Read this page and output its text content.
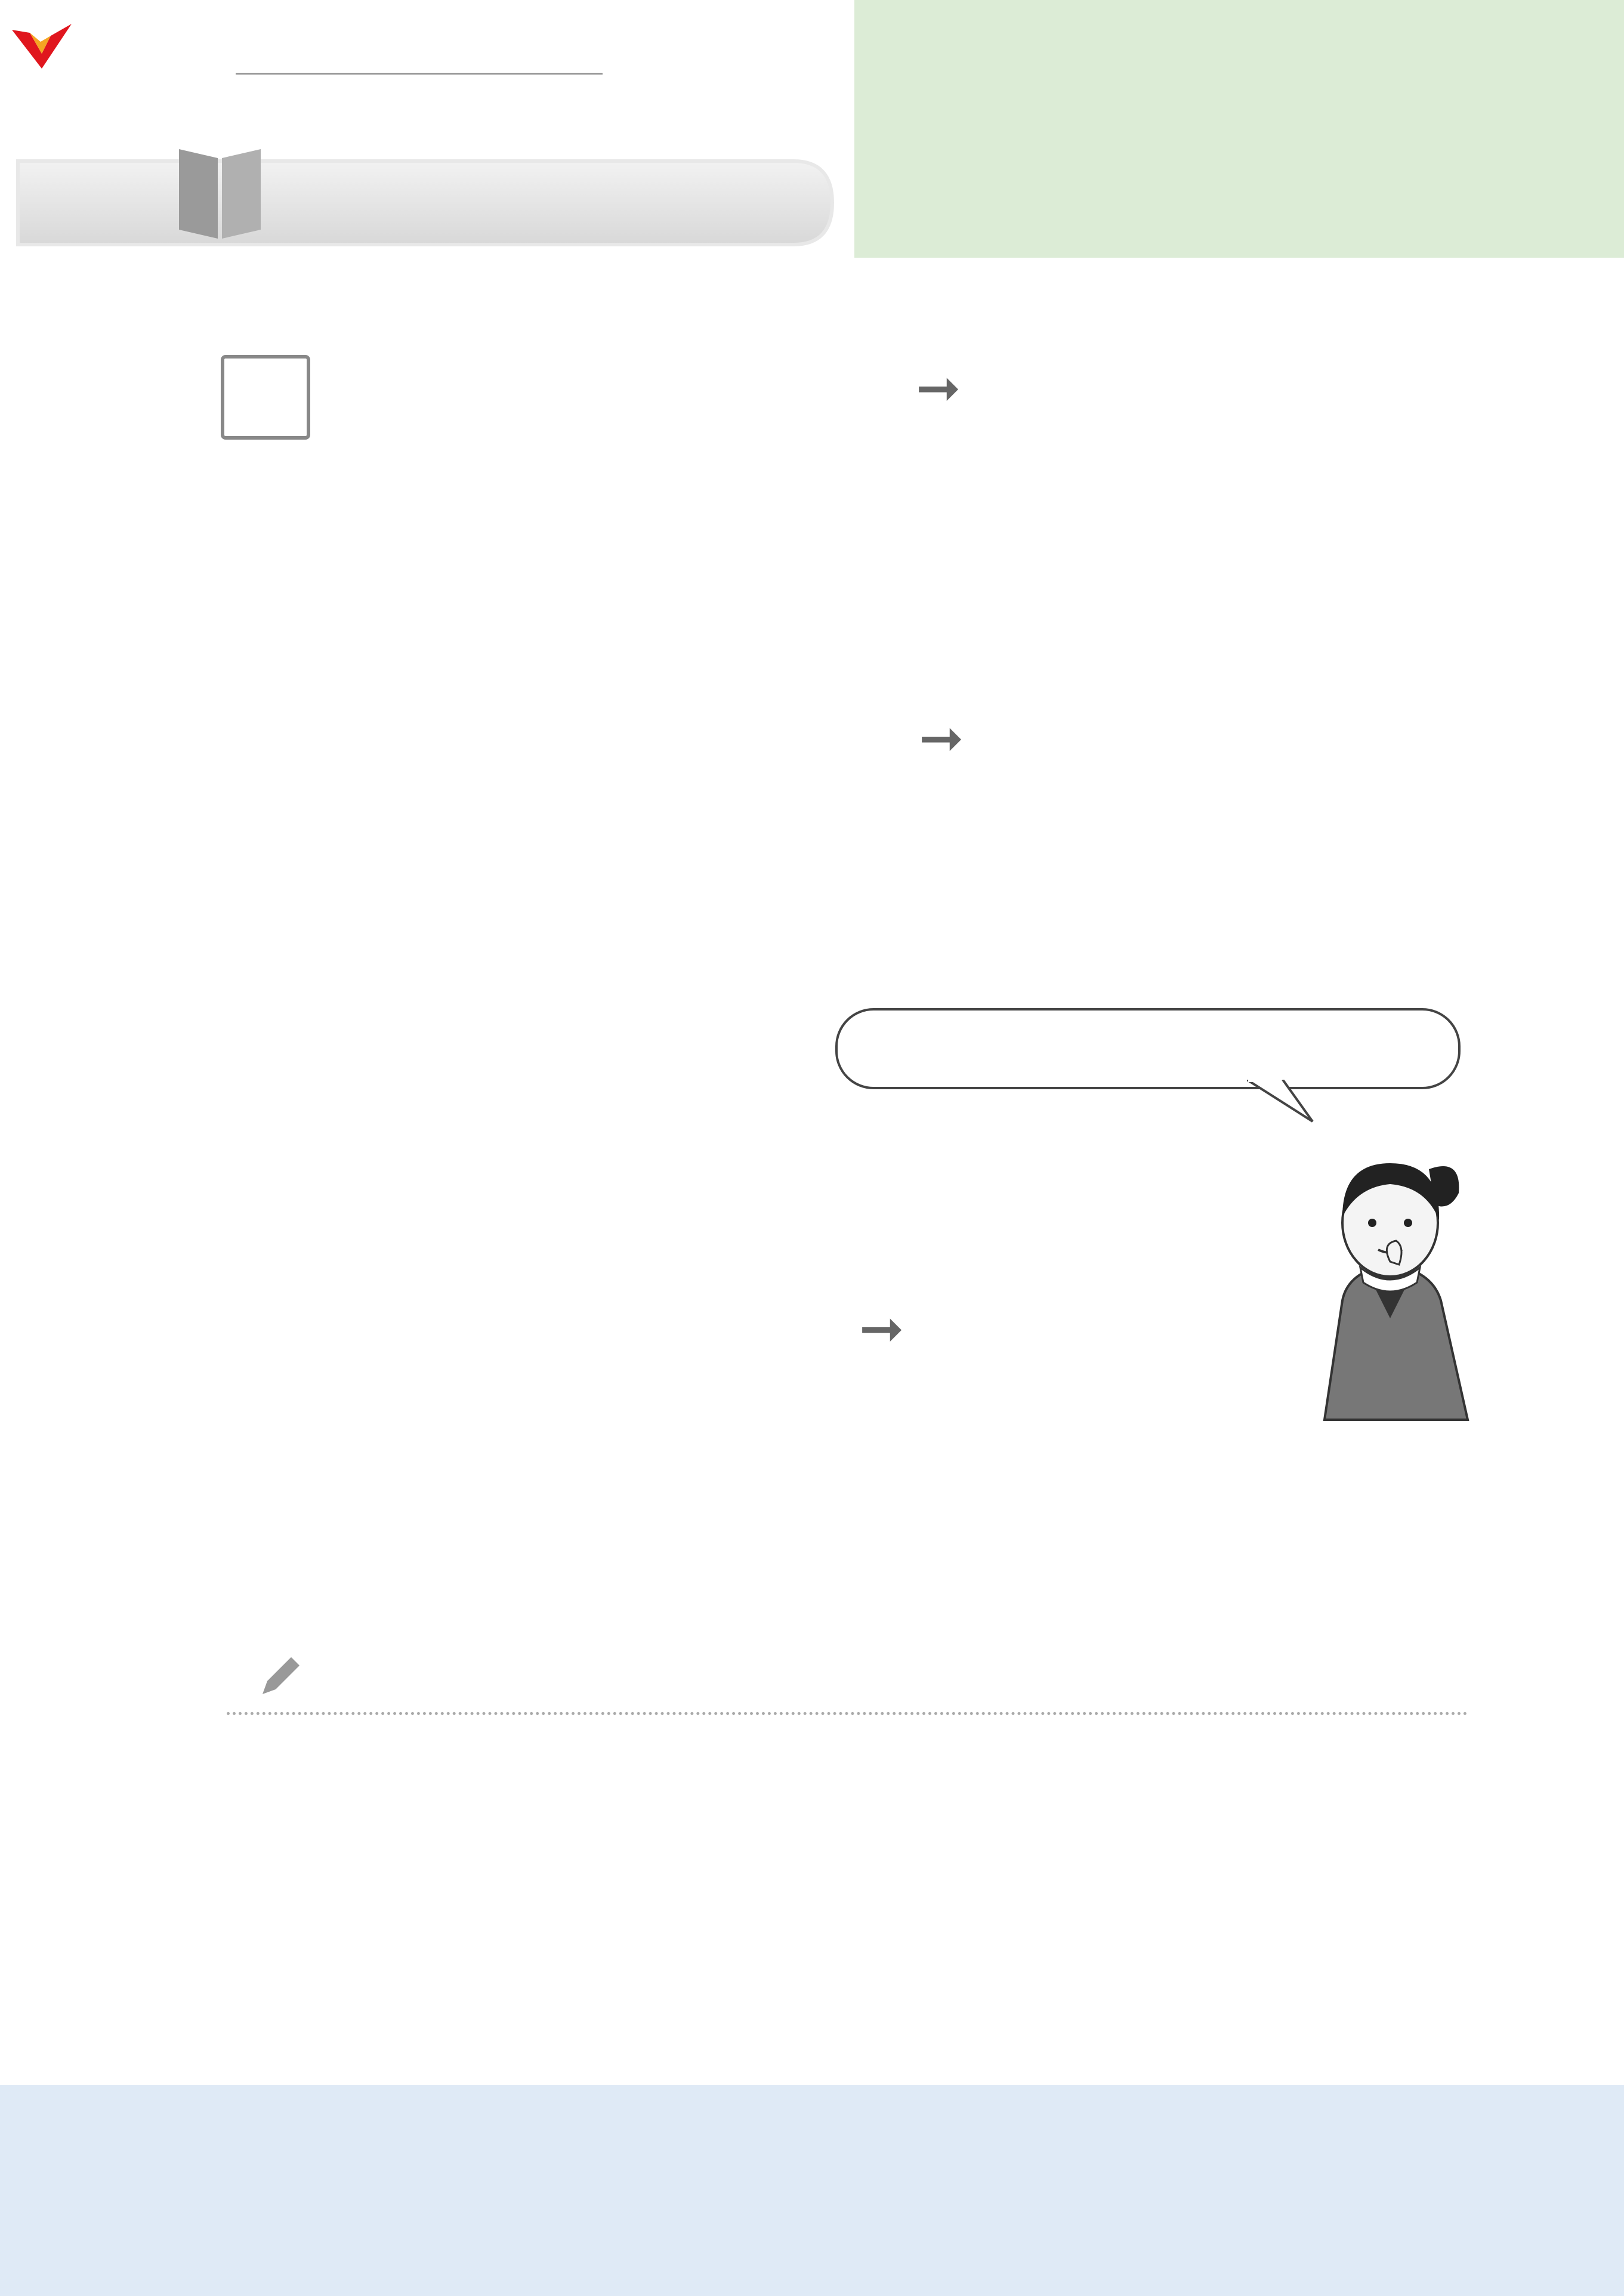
➞
➞
➞
